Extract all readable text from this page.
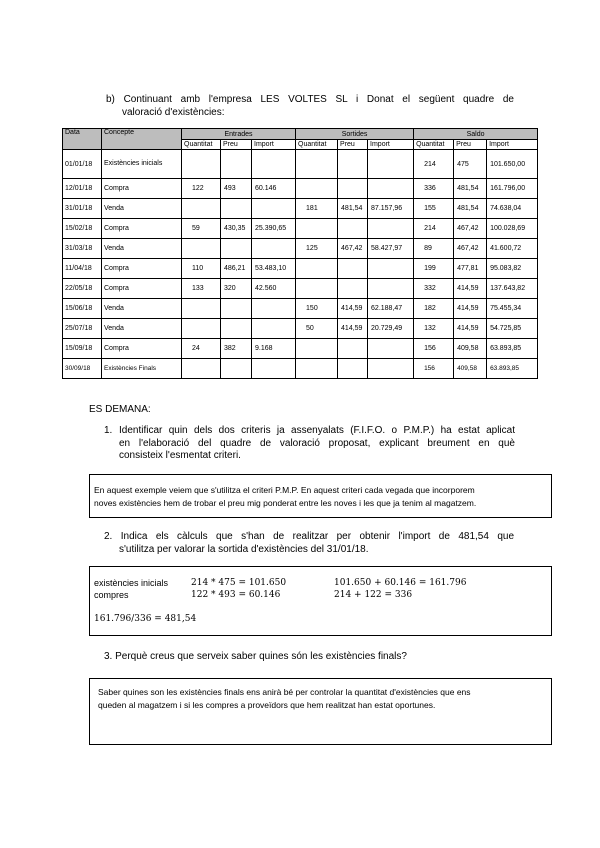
b) Continuant amb l'empresa LES VOLTES SL i Donat el següent quadre de
valoració d'existències:
Data	Concepte	Entrades			Sortides			Saldo		
		Quantitat	Preu	Import	Quantitat	Preu	Import	Quantitat	Preu	Import
01/01/18	Existències inicials							214	475	101.650,00
12/01/18	Compra	122	493	60.146				336	481,54	161.796,00
31/01/18	Venda				181	481,54	87.157,96	155	481,54	74.638,04
15/02/18	Compra	59	430,35	25.390,65				214	467,42	100.028,69
31/03/18	Venda				125	467,42	58.427,97	89	467,42	41.600,72
11/04/18	Compra	110	486,21	53.483,10				199	477,81	95.083,82
22/05/18	Compra	133	320	42.560				332	414,59	137.643,82
15/06/18	Venda				150	414,59	62.188,47	182	414,59	75.455,34
25/07/18	Venda				50	414,59	20.729,49	132	414,59	54.725,85
15/09/18	Compra	24	382	9.168				156	409,58	63.893,85
30/09/18	Existències Finals							156	409,58	63.893,85
ES DEMANA:
1. Identificar quin dels dos criteris ja assenyalats (F.I.F.O. o P.M.P.) ha estat aplicat
en l'elaboració del quadre de valoració proposat, explicant breument en què
consisteix l'esmentat criteri.
En aquest exemple veiem que s'utilitza el criteri P.M.P. En aquest criteri cada vegada que incorporem
noves existències hem de trobar el preu mig ponderat entre les noves i les que ja tenim al magatzem.
2. Indica els càlculs que s'han de realitzar per obtenir l'import de 481,54 que
s'utilitza per valorar la sortida d'existències del 31/01/18.
existències inicials	214 * 475 = 101.650
compres	122 * 493 = 60.146
101.650 + 60.146 = 161.796
214 + 122 = 336
161.796/336 = 481,54
3. Perquè creus que serveix saber quines són les existències finals?
Saber quines son les existències finals ens anirà bé per controlar la quantitat d'existències que ens
queden al magatzem i si les compres a proveïdors que hem realitzat han estat oportunes.
